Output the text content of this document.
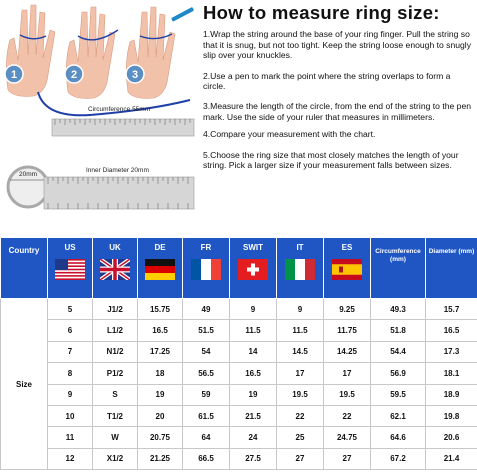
1	2	3
Circumference 55mm
20mm
Inner Diameter 20mm
How to measure ring size:
1.Wrap the string around the base of your ring finger. Pull the string so that it is snug, but not too tight. Keep the string loose enough to snugly slip over your knuckles.
2.Use a pen to mark the point where the string overlaps to form a circle.
3.Measure the length of the circle, from the end of the string to the pen mark. Use the side of your ruler that measures in millimeters.
4.Compare your measurement with the chart.
5.Choose the ring size that most closely matches the length of your string. Pick a larger size if your measurement falls between sizes.
Country	US	UK	DE	FR	SWIT	IT	ES	Circumference (mm)	Diameter (mm)
Size	5	J1/2	15.75	49	9	9	9.25	49.3	15.7
	6	L1/2	16.5	51.5	11.5	11.5	11.75	51.8	16.5
	7	N1/2	17.25	54	14	14.5	14.25	54.4	17.3
	8	P1/2	18	56.5	16.5	17	17	56.9	18.1
	9	S	19	59	19	19.5	19.5	59.5	18.9
	10	T1/2	20	61.5	21.5	22	22	62.1	19.8
	11	W	20.75	64	24	25	24.75	64.6	20.6
	12	X1/2	21.25	66.5	27.5	27	27	67.2	21.4
